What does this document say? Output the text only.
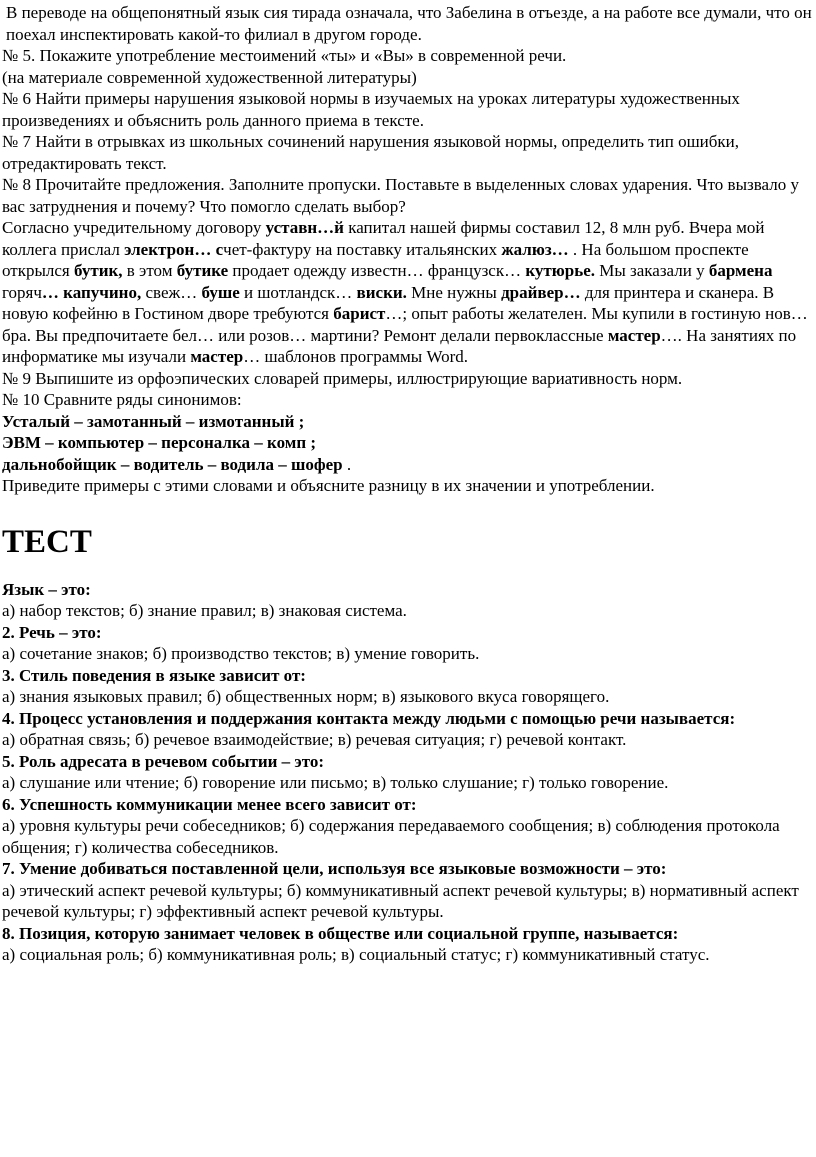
В переводе на общепонятный язык сия тирада означала, что Забелина в отъезде, а на работе все думали, что он поехал инспектировать какой-то филиал в другом городе.

№ 5. Покажите употребление местоимений «ты» и «Вы» в современной речи.

(на материале современной художественной литературы)

№ 6 Найти примеры нарушения языковой нормы в изучаемых на уроках литературы художественных произведениях и объяснить роль данного приема в тексте.

№ 7 Найти в отрывках из школьных сочинений нарушения языковой нормы, определить тип ошибки, отредактировать текст.

№ 8 Прочитайте предложения. Заполните пропуски. Поставьте в выделенных словах ударения. Что вызвало у вас затруднения и почему? Что помогло сделать выбор?

Согласно учредительному договору уставн…й капитал нашей фирмы составил 12, 8 млн руб. Вчера мой коллега прислал электрон… счет-фактуру на поставку итальянских жалюз… . На большом проспекте открылся бутик, в этом бутике продает одежду известн… французск… кутюрье. Мы заказали у бармена горяч… капучино, свеж… буше и шотландск… виски. Мне нужны драйвер… для принтера и сканера. В новую кофейню в Гостином дворе требуются барист…; опыт работы желателен. Мы купили в гостиную нов… бра. Вы предпочитаете бел… или розов… мартини? Ремонт делали первоклассные мастер…. На занятиях по информатике мы изучали мастер… шаблонов программы Word.

№ 9 Выпишите из орфоэпических словарей примеры, иллюстрирующие вариативность норм.

№ 10 Сравните ряды синонимов:

Усталый – замотанный – измотанный ;

ЭВМ – компьютер – персоналка – комп ;

дальнобойщик – водитель – водила – шофер .

Приведите примеры с этими словами и объясните разницу в их значении и употреблении.

ТЕСТ

Язык – это:

а) набор текстов; б) знание правил; в) знаковая система.

2. Речь – это:

а) сочетание знаков; б) производство текстов; в) умение говорить.

3. Стиль поведения в языке зависит от:

а) знания языковых правил; б) общественных норм; в) языкового вкуса говорящего.

4. Процесс установления и поддержания контакта между людьми с помощью речи называется:

а) обратная связь; б) речевое взаимодействие; в) речевая ситуация; г) речевой контакт.

5. Роль адресата в речевом событии – это:

а) слушание или чтение; б) говорение или письмо; в) только слушание; г) только говорение.

6. Успешность коммуникации менее всего зависит от:

а) уровня культуры речи собеседников; б) содержания передаваемого сообщения; в) соблюдения протокола общения; г) количества собеседников.

7. Умение добиваться поставленной цели, используя все языковые возможности – это:

а) этический аспект речевой культуры; б) коммуникативный аспект речевой культуры; в) нормативный аспект речевой культуры; г) эффективный аспект речевой культуры.

8. Позиция, которую занимает человек в обществе или социальной группе, называется:

а) социальная роль; б) коммуникативная роль; в) социальный статус; г) коммуникативный статус.
